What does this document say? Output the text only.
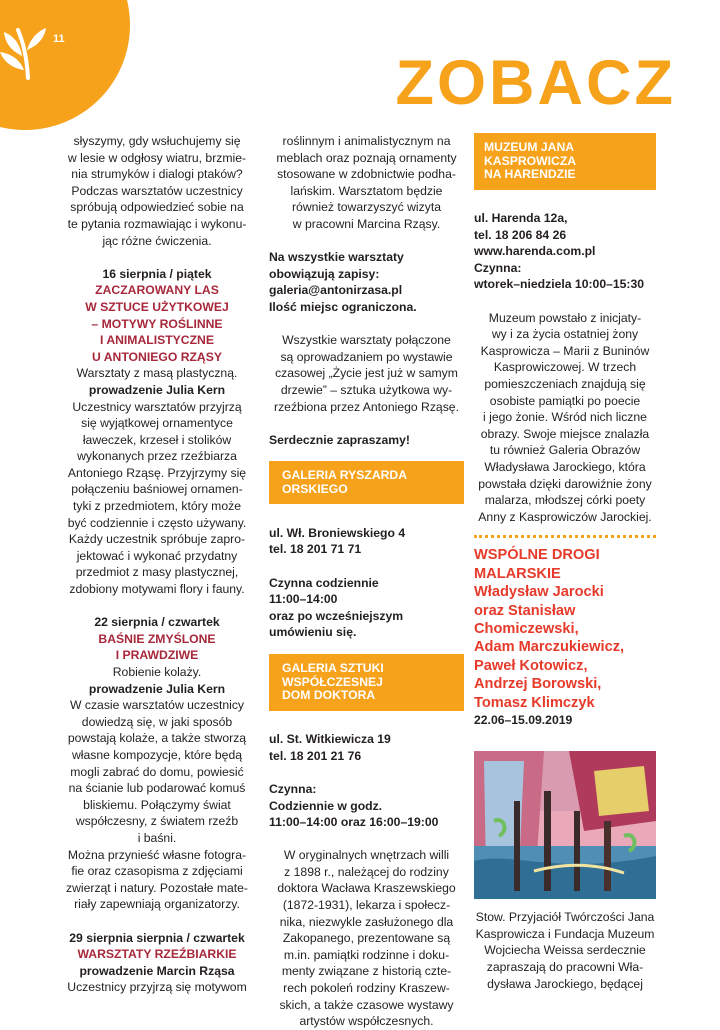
11
ZOBACZ

słyszymy, gdy wsłuchujemy się

w lesie w odgłosy wiatru, brzmie-

nia strumyków i dialogi ptaków?

Podczas warsztatów uczestnicy

spróbują odpowiedzieć sobie na

te pytania rozmawiając i wykonu-

jąc różne ćwiczenia.

16 sierpnia / piątek

ZACZAROWANY LAS

W SZTUCE UŻYTKOWEJ

– MOTYWY ROŚLINNE

I ANIMALISTYCZNE

U ANTONIEGO RZĄSY

Warsztaty z masą plastyczną.

prowadzenie Julia Kern

Uczestnicy warsztatów przyjrzą

się wyjątkowej ornamentyce

ławeczek, krzeseł i stolików

wykonanych przez rzeźbiarza

Antoniego Rząsę. Przyjrzymy się

połączeniu baśniowej ornamen-

tyki z przedmiotem, który może

być codziennie i często używany.

Każdy uczestnik spróbuje zapro-

jektować i wykonać przydatny

przedmiot z masy plastycznej,

zdobiony motywami flory i fauny.

22 sierpnia / czwartek

BAŚNIE ZMYŚLONE

I PRAWDZIWE

Robienie kolaży.

prowadzenie Julia Kern

W czasie warsztatów uczestnicy

dowiedzą się, w jaki sposób

powstają kolaże, a także stworzą

własne kompozycje, które będą

mogli zabrać do domu, powiesić

na ścianie lub podarować komuś

bliskiemu. Połączymy świat

współczesny, z światem rzeźb

i baśni.

Można przynieść własne fotogra-

fie oraz czasopisma z zdjęciami

zwierząt i natury. Pozostałe mate-

riały zapewniają organizatorzy.

29 sierpnia sierpnia / czwartek

WARSZTATY RZEŹBIARKIE

prowadzenie Marcin Rząsa

Uczestnicy przyjrzą się motywom

roślinnym i animalistycznym na

meblach oraz poznają ornamenty

stosowane w zdobnictwie podha-

lańskim. Warsztatom będzie

również towarzyszyć wizyta

w pracowni Marcina Rząsy.

Na wszystkie warsztaty

obowiązują zapisy:

galeria@antonirzasa.pl

Ilość miejsc ograniczona.

Wszystkie warsztaty połączone

są oprowadzaniem po wystawie

czasowej „Życie jest już w samym

drzewie” – sztuka użytkowa wy-

rzeźbiona przez Antoniego Rząsę.

Serdecznie zapraszamy!

GALERIA RYSZARDA
ORSKIEGO

ul. Wł. Broniewskiego 4

tel. 18 201 71 71

Czynna codziennie

11:00–14:00

oraz po wcześniejszym

umówieniu się.

GALERIA SZTUKI
WSPÓŁCZESNEJ
DOM DOKTORA

ul. St. Witkiewicza 19

tel. 18 201 21 76

Czynna:

Codziennie w godz.

11:00–14:00 oraz 16:00–19:00

W oryginalnych wnętrzach willi

z 1898 r., należącej do rodziny

doktora Wacława Kraszewskiego

(1872-1931), lekarza i społecz-

nika, niezwykle zasłużonego dla

Zakopanego, prezentowane są

m.in. pamiątki rodzinne i doku-

menty związane z historią czte-

rech pokoleń rodziny Kraszew-

skich, a także czasowe wystawy

artystów współczesnych.

MUZEUM JANA
KASPROWICZA
NA HARENDZIE

ul. Harenda 12a,

tel. 18 206 84 26

www.harenda.com.pl

Czynna:

wtorek–niedziela 10:00–15:30

Muzeum powstało z inicjaty-

wy i za życia ostatniej żony

Kasprowicza – Marii z Buninów

Kasprowiczowej. W trzech

pomieszczeniach znajdują się

osobiste pamiątki po poecie

i jego żonie. Wśród nich liczne

obrazy. Swoje miejsce znalazła

tu również Galeria Obrazów

Władysława Jarockiego, która

powstała dzięki darowiźnie żony

malarza, młodszej córki poety

Anny z Kasprowiczów Jarockiej.

WSPÓLNE DROGI

MALARSKIE

Władysław Jarocki

oraz Stanisław

Chomiczewski,

Adam Marczukiewicz,

Paweł Kotowicz,

Andrzej Borowski,

Tomasz Klimczyk

22.06–15.09.2019

Stow. Przyjaciół Twórczości Jana

Kasprowicza i Fundacja Muzeum

Wojciecha Weissa serdecznie

zapraszają do pracowni Wła-

dysława Jarockiego, będącej
